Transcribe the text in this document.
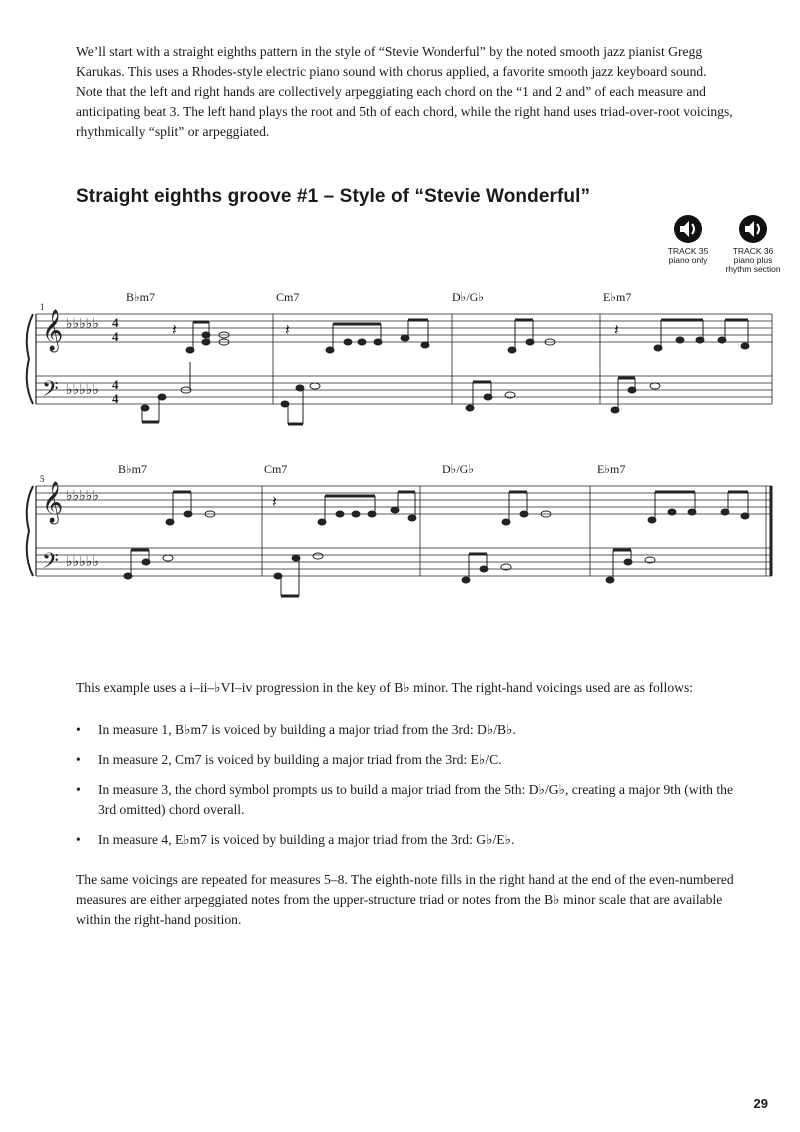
We’ll start with a straight eighths pattern in the style of “Stevie Wonderful” by the noted smooth jazz pianist Gregg Karukas. This uses a Rhodes-style electric piano sound with chorus applied, a favorite smooth jazz keyboard sound. Note that the left and right hands are collectively arpeggiating each chord on the “1 and 2 and” of each measure and anticipating beat 3. The left hand plays the root and 5th of each chord, while the right hand uses triad-over-root voicings, rhythmically “split” or arpeggiated.

Straight eighths groove #1 – Style of “Stevie Wonderful”
TRACK 35
piano only
TRACK 36
piano plus
rhythm section
B♭m7	Cm7	D♭/G♭	E♭m7
1
𝄞
𝄢
♭♭♭♭♭
♭♭♭♭♭
4
4
4
4
𝄽	𝄽	𝄽
B♭m7	Cm7	D♭/G♭	E♭m7
5
𝄞
𝄢
♭♭♭♭♭
♭♭♭♭♭
𝄽

This example uses a i–ii–♭VI–iv progression in the key of B♭ minor. The right-hand voicings used are as follows:

• In measure 1, B♭m7 is voiced by building a major triad from the 3rd: D♭/B♭.
• In measure 2, Cm7 is voiced by building a major triad from the 3rd: E♭/C.
• In measure 3, the chord symbol prompts us to build a major triad from the 5th: D♭/G♭, creating a major 9th (with the 3rd omitted) chord overall.
• In measure 4, E♭m7 is voiced by building a major triad from the 3rd: G♭/E♭.

The same voicings are repeated for measures 5–8. The eighth-note fills in the right hand at the end of the even-numbered measures are either arpeggiated notes from the upper-structure triad or notes from the B♭ minor scale that are available within the right-hand position.

29
